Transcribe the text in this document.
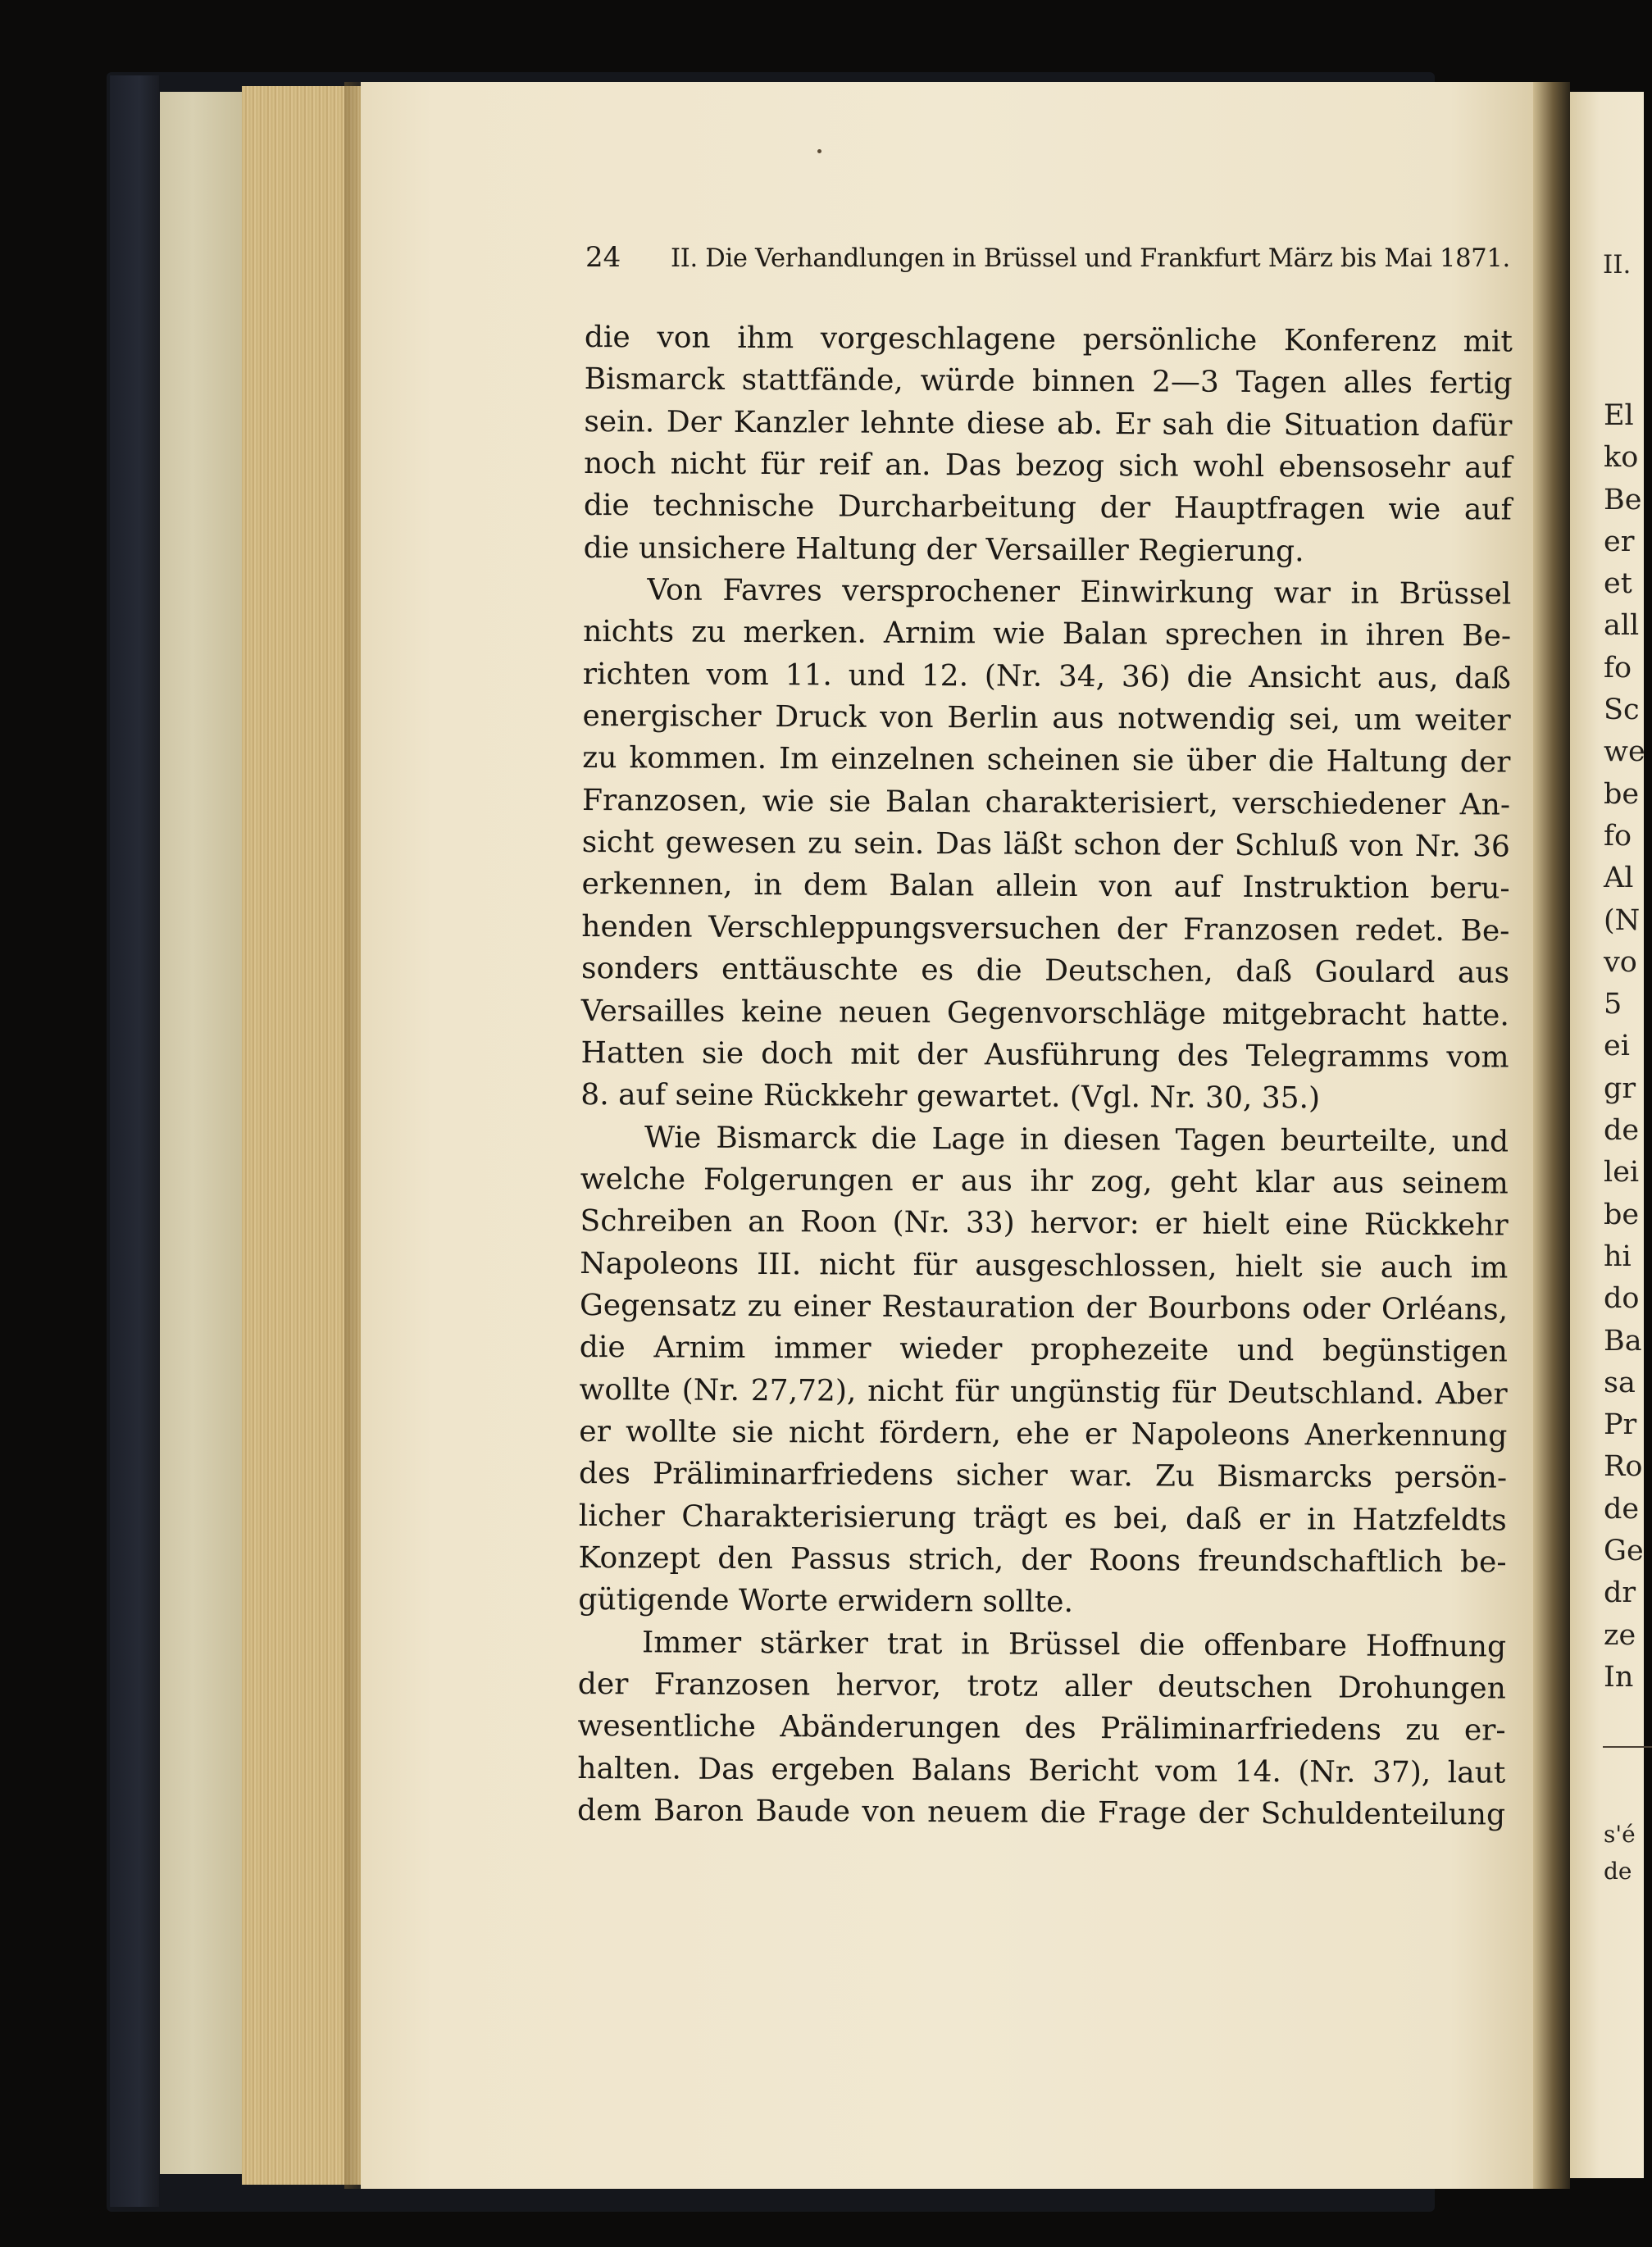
II.
El
ko
Be
er
et
all
fo
Sc
we
be
fo
Al
(N
vo
5
ei
gr
de
lei
be
hi
do
Ba
sa
Pr
Ro
de
Ge
dr
ze
In
s'é
de
24	II. Die Verhandlungen in Brüssel und Frankfurt März bis Mai 1871.
die von ihm vorgeschlagene persönliche Konferenz mit
Bismarck stattfände, würde binnen 2—3 Tagen alles fertig
sein. Der Kanzler lehnte diese ab. Er sah die Situation dafür
noch nicht für reif an. Das bezog sich wohl ebensosehr auf
die technische Durcharbeitung der Hauptfragen wie auf
die unsichere Haltung der Versailler Regierung.
Von Favres versprochener Einwirkung war in Brüssel
nichts zu merken. Arnim wie Balan sprechen in ihren Be-
richten vom 11. und 12. (Nr. 34, 36) die Ansicht aus, daß
energischer Druck von Berlin aus notwendig sei, um weiter
zu kommen. Im einzelnen scheinen sie über die Haltung der
Franzosen, wie sie Balan charakterisiert, verschiedener An-
sicht gewesen zu sein. Das läßt schon der Schluß von Nr. 36
erkennen, in dem Balan allein von auf Instruktion beru-
henden Verschleppungsversuchen der Franzosen redet. Be-
sonders enttäuschte es die Deutschen, daß Goulard aus
Versailles keine neuen Gegenvorschläge mitgebracht hatte.
Hatten sie doch mit der Ausführung des Telegramms vom
8. auf seine Rückkehr gewartet. (Vgl. Nr. 30, 35.)
Wie Bismarck die Lage in diesen Tagen beurteilte, und
welche Folgerungen er aus ihr zog, geht klar aus seinem
Schreiben an Roon (Nr. 33) hervor: er hielt eine Rückkehr
Napoleons III. nicht für ausgeschlossen, hielt sie auch im
Gegensatz zu einer Restauration der Bourbons oder Orléans,
die Arnim immer wieder prophezeite und begünstigen
wollte (Nr. 27,72), nicht für ungünstig für Deutschland. Aber
er wollte sie nicht fördern, ehe er Napoleons Anerkennung
des Präliminarfriedens sicher war. Zu Bismarcks persön-
licher Charakterisierung trägt es bei, daß er in Hatzfeldts
Konzept den Passus strich, der Roons freundschaftlich be-
gütigende Worte erwidern sollte.
Immer stärker trat in Brüssel die offenbare Hoffnung
der Franzosen hervor, trotz aller deutschen Drohungen
wesentliche Abänderungen des Präliminarfriedens zu er-
halten. Das ergeben Balans Bericht vom 14. (Nr. 37), laut
dem Baron Baude von neuem die Frage der Schuldenteilung
